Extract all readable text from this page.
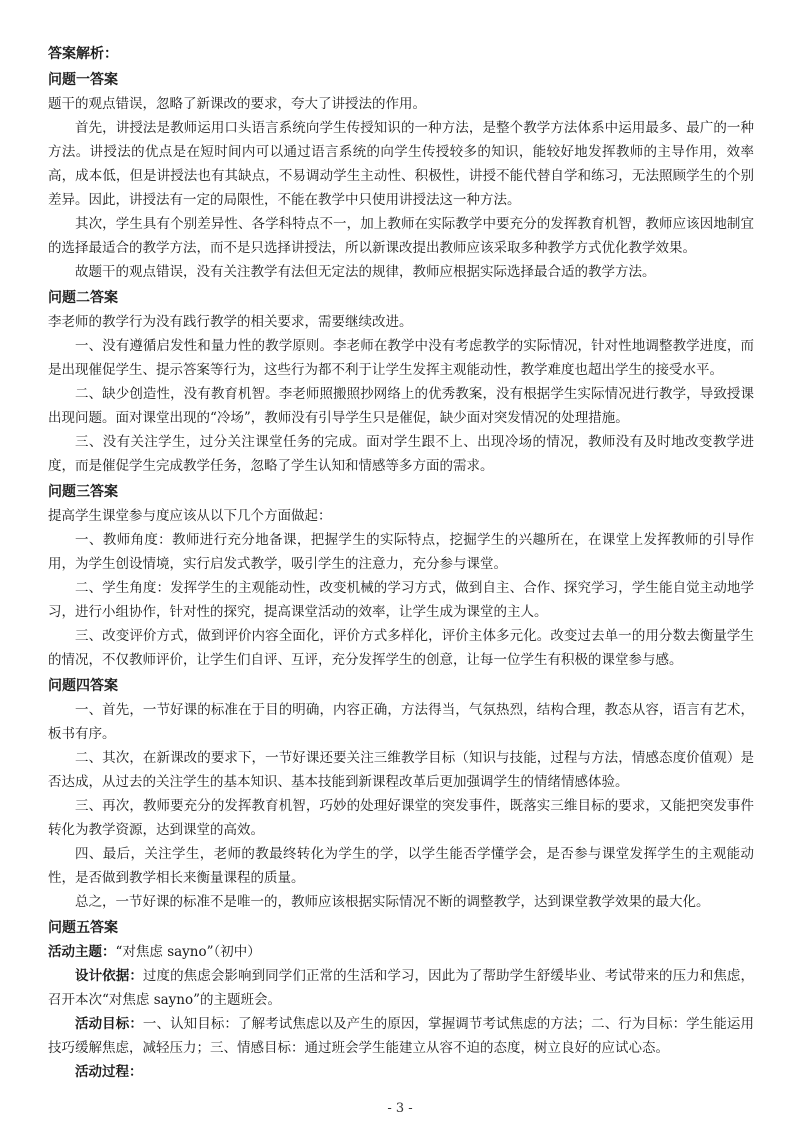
答案解析：
问题一答案

题干的观点错误，忽略了新课改的要求，夸大了讲授法的作用。

首先，讲授法是教师运用口头语言系统向学生传授知识的一种方法，是整个教学方法体系中运用最多、最广的一种方法。讲授法的优点是在短时间内可以通过语言系统的向学生传授较多的知识，能较好地发挥教师的主导作用，效率高，成本低，但是讲授法也有其缺点，不易调动学生主动性、积极性，讲授不能代替自学和练习，无法照顾学生的个别差异。因此，讲授法有一定的局限性，不能在教学中只使用讲授法这一种方法。

其次，学生具有个别差异性、各学科特点不一，加上教师在实际教学中要充分的发挥教育机智，教师应该因地制宜的选择最适合的教学方法，而不是只选择讲授法，所以新课改提出教师应该采取多种教学方式优化教学效果。

故题干的观点错误，没有关注教学有法但无定法的规律，教师应根据实际选择最合适的教学方法。

问题二答案

李老师的教学行为没有践行教学的相关要求，需要继续改进。

一、没有遵循启发性和量力性的教学原则。李老师在教学中没有考虑教学的实际情况，针对性地调整教学进度，而是出现催促学生、提示答案等行为，这些行为都不利于让学生发挥主观能动性，教学难度也超出学生的接受水平。

二、缺少创造性，没有教育机智。李老师照搬照抄网络上的优秀教案，没有根据学生实际情况进行教学，导致授课出现问题。面对课堂出现的“冷场”，教师没有引导学生只是催促，缺少面对突发情况的处理措施。

三、没有关注学生，过分关注课堂任务的完成。面对学生跟不上、出现冷场的情况，教师没有及时地改变教学进度，而是催促学生完成教学任务，忽略了学生认知和情感等多方面的需求。

问题三答案

提高学生课堂参与度应该从以下几个方面做起：

一、教师角度：教师进行充分地备课，把握学生的实际特点，挖掘学生的兴趣所在，在课堂上发挥教师的引导作用，为学生创设情境，实行启发式教学，吸引学生的注意力，充分参与课堂。

二、学生角度：发挥学生的主观能动性，改变机械的学习方式，做到自主、合作、探究学习，学生能自觉主动地学习，进行小组协作，针对性的探究，提高课堂活动的效率，让学生成为课堂的主人。

三、改变评价方式，做到评价内容全面化，评价方式多样化，评价主体多元化。改变过去单一的用分数去衡量学生的情况，不仅教师评价，让学生们自评、互评，充分发挥学生的创意，让每一位学生有积极的课堂参与感。

问题四答案

一、首先，一节好课的标准在于目的明确，内容正确，方法得当，气氛热烈，结构合理，教态从容，语言有艺术，板书有序。

二、其次，在新课改的要求下，一节好课还要关注三维教学目标（知识与技能，过程与方法，情感态度价值观）是否达成，从过去的关注学生的基本知识、基本技能到新课程改革后更加强调学生的情绪情感体验。

三、再次，教师要充分的发挥教育机智，巧妙的处理好课堂的突发事件，既落实三维目标的要求，又能把突发事件转化为教学资源，达到课堂的高效。

四、最后，关注学生，老师的教最终转化为学生的学，以学生能否学懂学会，是否参与课堂发挥学生的主观能动性，是否做到教学相长来衡量课程的质量。

总之，一节好课的标准不是唯一的，教师应该根据实际情况不断的调整教学，达到课堂教学效果的最大化。

问题五答案

活动主题：“对焦虑 sayno”（初中）

设计依据：过度的焦虑会影响到同学们正常的生活和学习，因此为了帮助学生舒缓毕业、考试带来的压力和焦虑，召开本次“对焦虑 sayno”的主题班会。

活动目标：一、认知目标：了解考试焦虑以及产生的原因，掌握调节考试焦虑的方法；二、行为目标：学生能运用技巧缓解焦虑，减轻压力；三、情感目标：通过班会学生能建立从容不迫的态度，树立良好的应试心态。

活动过程：

- 3 -
